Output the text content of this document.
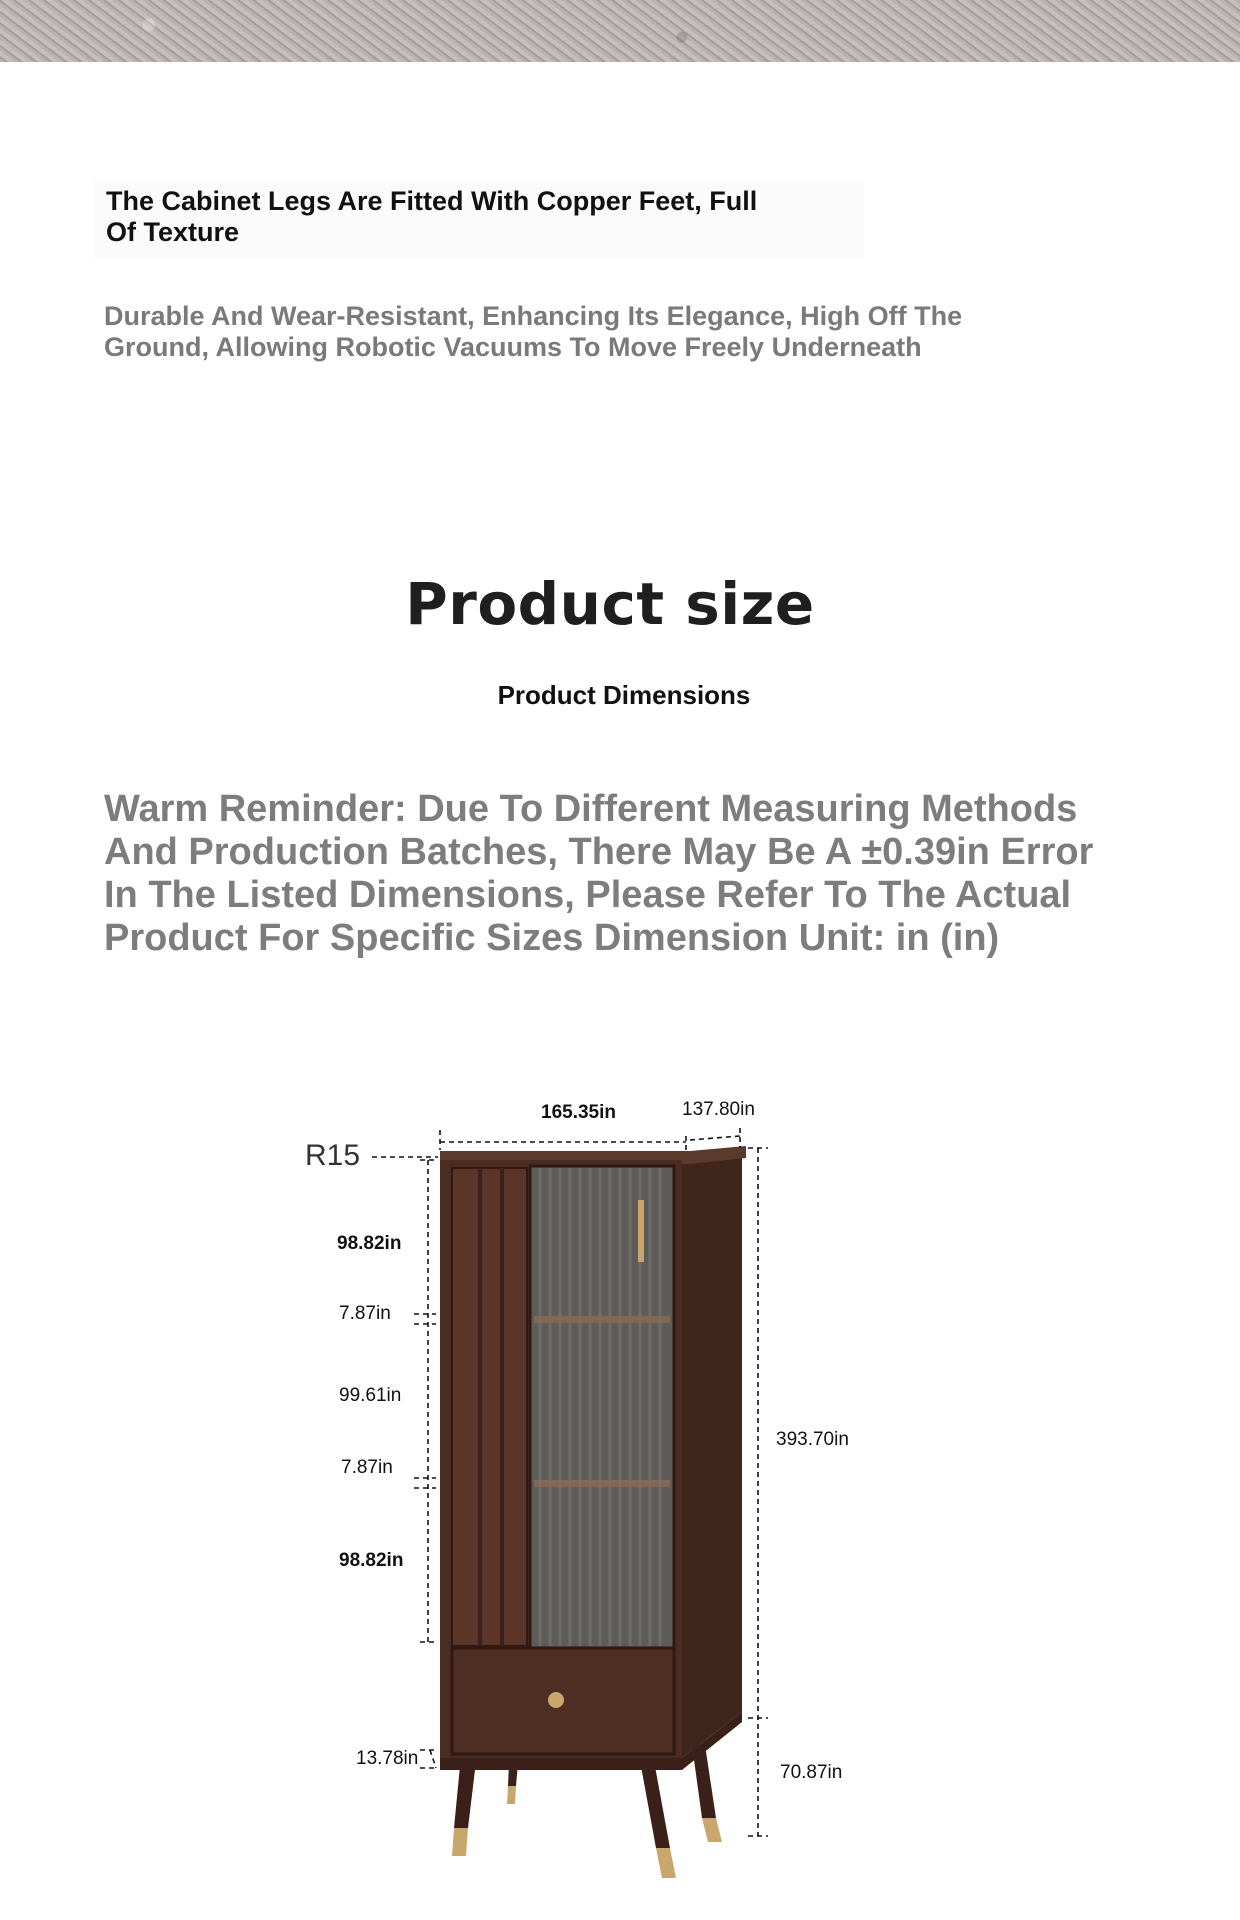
The Cabinet Legs Are Fitted With Copper Feet, Full Of Texture
Durable And Wear-Resistant, Enhancing Its Elegance, High Off The Ground, Allowing Robotic Vacuums To Move Freely Underneath
Product size
Product Dimensions
Warm Reminder: Due To Different Measuring Methods And Production Batches, There May Be A ±0.39in Error In The Listed Dimensions, Please Refer To The Actual Product For Specific Sizes Dimension Unit: in (in)
165.35in	137.80in
R15
98.82in
7.87in
99.61in
7.87in
98.82in
393.70in
13.78in
70.87in
